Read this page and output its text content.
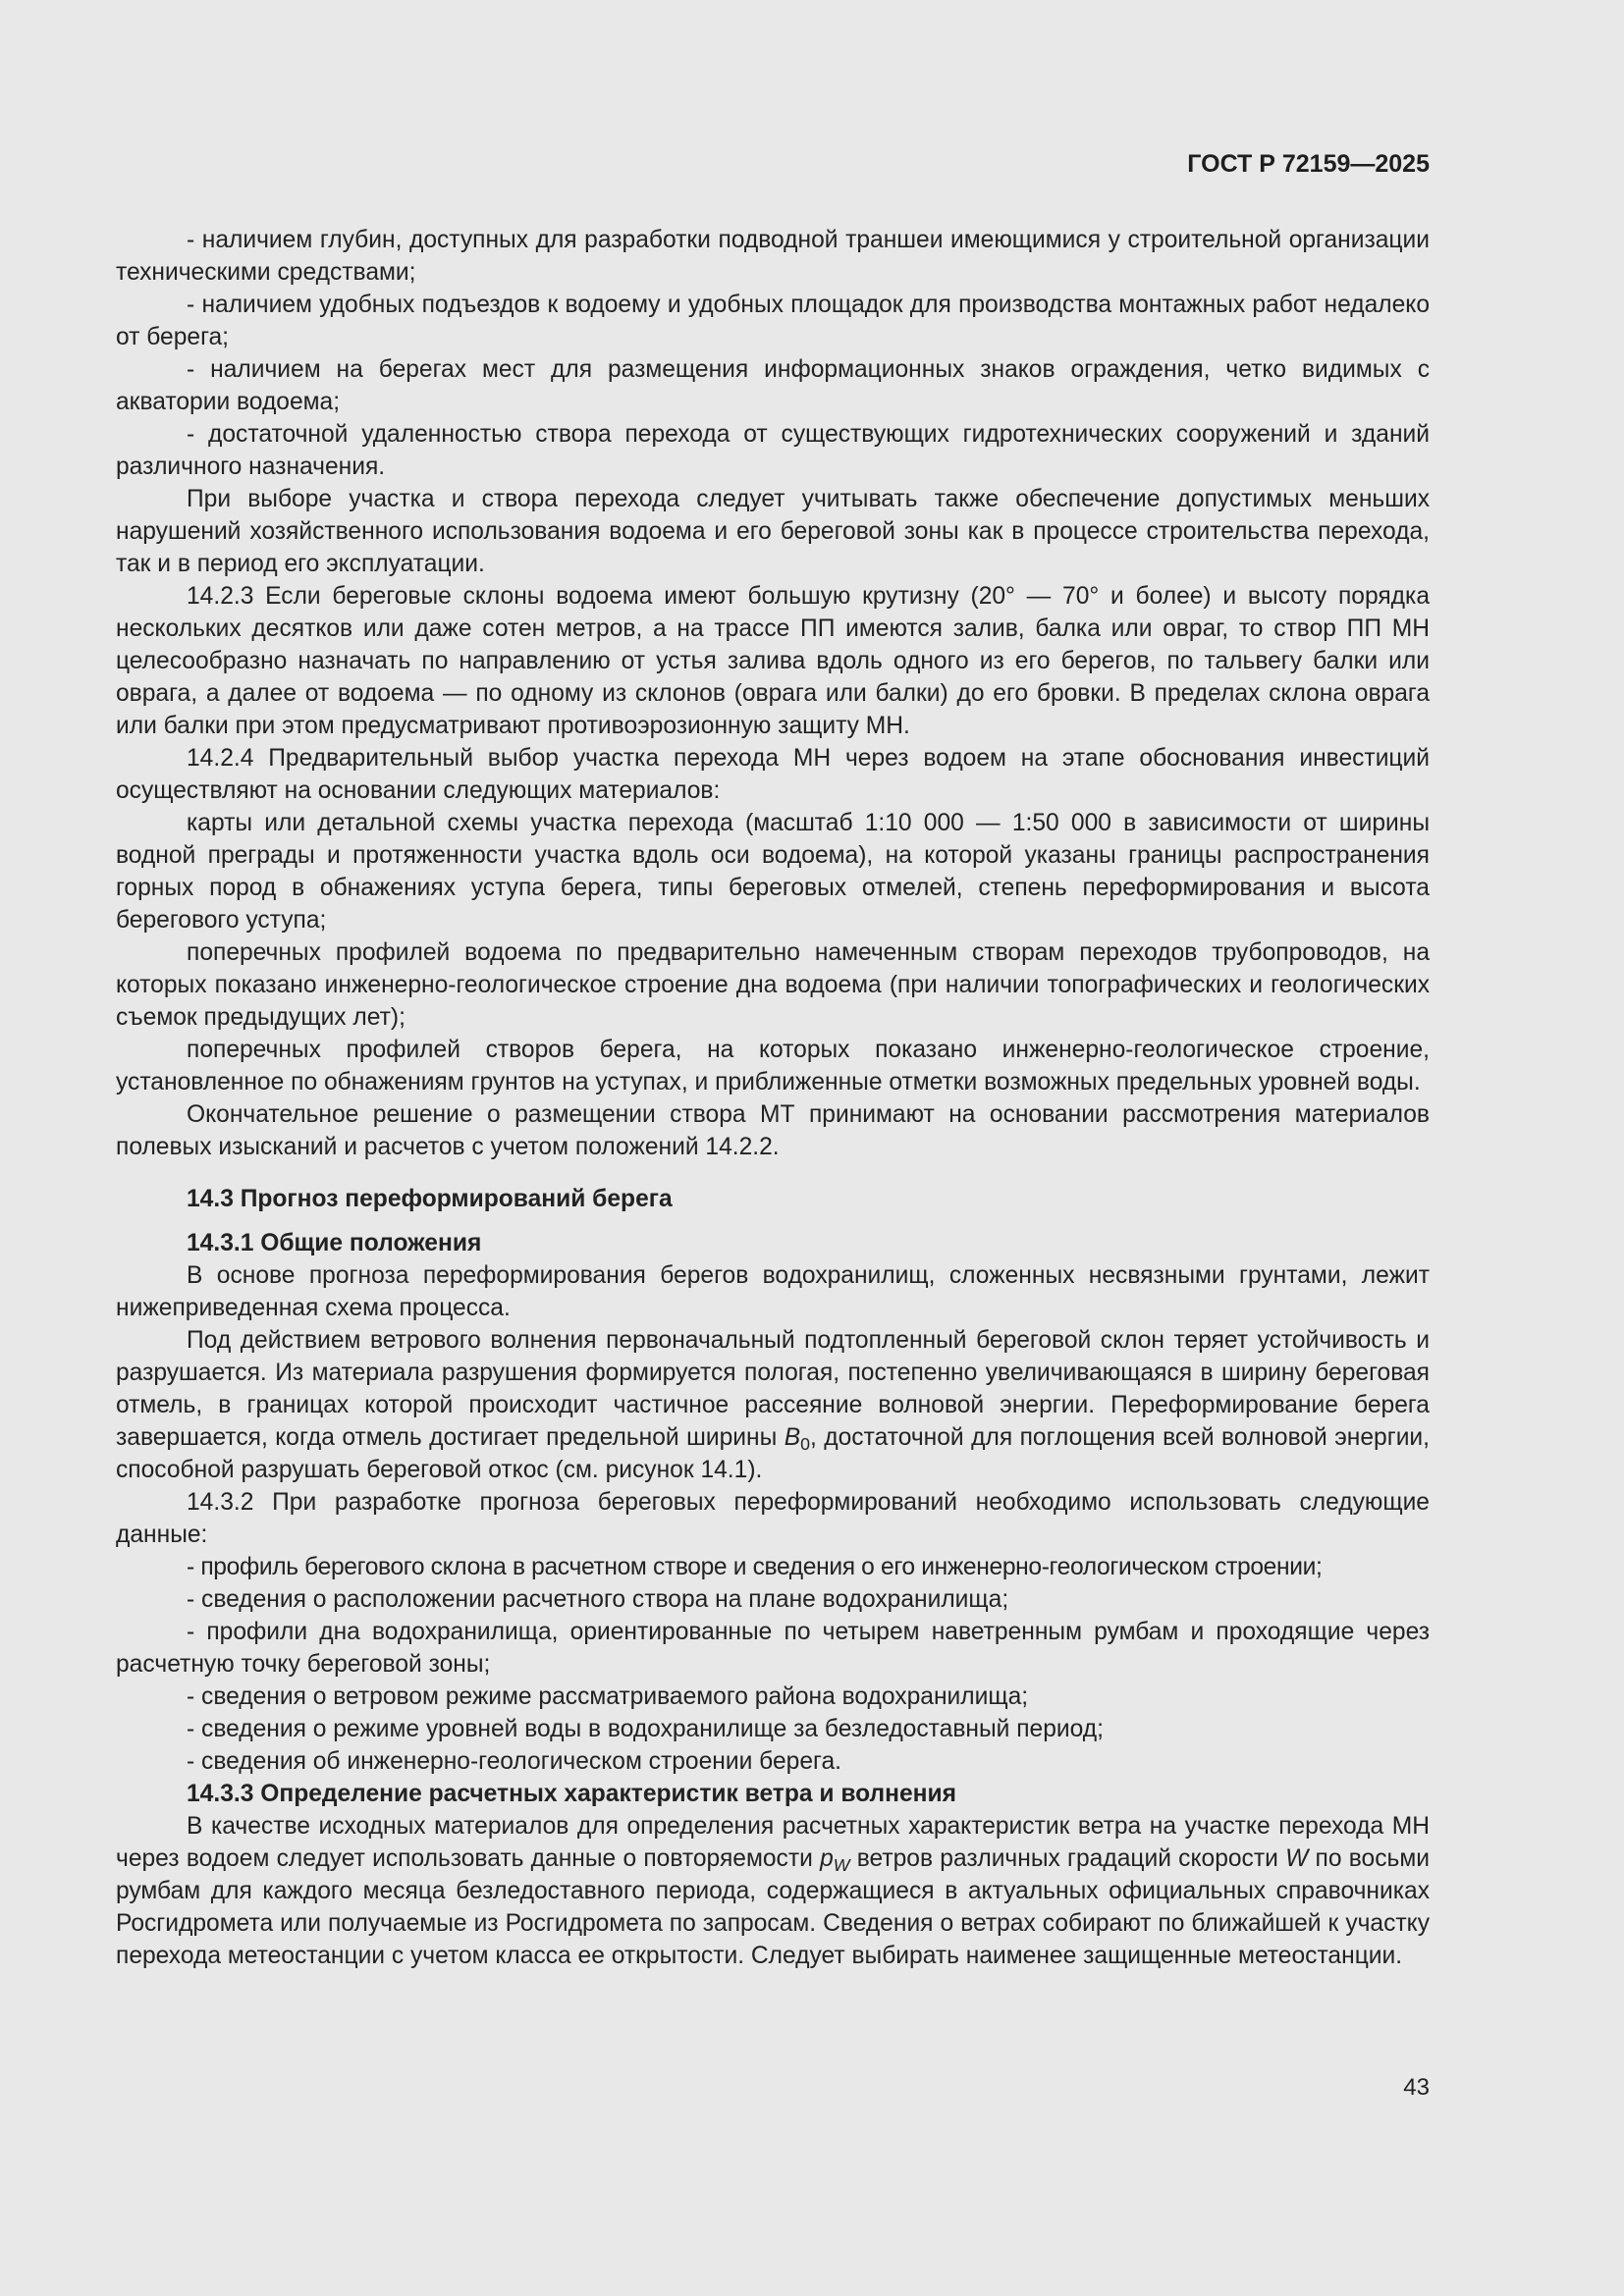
ГОСТ Р 72159—2025

- наличием глубин, доступных для разработки подводной траншеи имеющимися у строительной организации техническими средствами;

- наличием удобных подъездов к водоему и удобных площадок для производства монтажных работ недалеко от берега;

- наличием на берегах мест для размещения информационных знаков ограждения, четко видимых с акватории водоема;

- достаточной удаленностью створа перехода от существующих гидротехнических сооружений и зданий различного назначения.

При выборе участка и створа перехода следует учитывать также обеспечение допустимых меньших нарушений хозяйственного использования водоема и его береговой зоны как в процессе строительства перехода, так и в период его эксплуатации.

14.2.3 Если береговые склоны водоема имеют большую крутизну (20° — 70° и более) и высоту порядка нескольких десятков или даже сотен метров, а на трассе ПП имеются залив, балка или овраг, то створ ПП МН целесообразно назначать по направлению от устья залива вдоль одного из его берегов, по тальвегу балки или оврага, а далее от водоема — по одному из склонов (оврага или балки) до его бровки. В пределах склона оврага или балки при этом предусматривают противоэрозионную защиту МН.

14.2.4 Предварительный выбор участка перехода МН через водоем на этапе обоснования инвестиций осуществляют на основании следующих материалов:

карты или детальной схемы участка перехода (масштаб 1:10 000 — 1:50 000 в зависимости от ширины водной преграды и протяженности участка вдоль оси водоема), на которой указаны границы распространения горных пород в обнажениях уступа берега, типы береговых отмелей, степень переформирования и высота берегового уступа;

поперечных профилей водоема по предварительно намеченным створам переходов трубопроводов, на которых показано инженерно-геологическое строение дна водоема (при наличии топографических и геологических съемок предыдущих лет);

поперечных профилей створов берега, на которых показано инженерно-геологическое строение, установленное по обнажениям грунтов на уступах, и приближенные отметки возможных предельных уровней воды.

Окончательное решение о размещении створа МТ принимают на основании рассмотрения материалов полевых изысканий и расчетов с учетом положений 14.2.2.

14.3 Прогноз переформирований берега

14.3.1 Общие положения

В основе прогноза переформирования берегов водохранилищ, сложенных несвязными грунтами, лежит нижеприведенная схема процесса.

Под действием ветрового волнения первоначальный подтопленный береговой склон теряет устойчивость и разрушается. Из материала разрушения формируется пологая, постепенно увеличивающаяся в ширину береговая отмель, в границах которой происходит частичное рассеяние волновой энергии. Переформирование берега завершается, когда отмель достигает предельной ширины $B_0$, достаточной для поглощения всей волновой энергии, способной разрушать береговой откос (см. рисунок 14.1).

14.3.2 При разработке прогноза береговых переформирований необходимо использовать следующие данные:

- профиль берегового склона в расчетном створе и сведения о его инженерно-геологическом строении;

- сведения о расположении расчетного створа на плане водохранилища;

- профили дна водохранилища, ориентированные по четырем наветренным румбам и проходящие через расчетную точку береговой зоны;

- сведения о ветровом режиме рассматриваемого района водохранилища;

- сведения о режиме уровней воды в водохранилище за безледоставный период;

- сведения об инженерно-геологическом строении берега.

14.3.3 Определение расчетных характеристик ветра и волнения

В качестве исходных материалов для определения расчетных характеристик ветра на участке перехода МН через водоем следует использовать данные о повторяемости $p_W$ ветров различных градаций скорости W по восьми румбам для каждого месяца безледоставного периода, содержащиеся в актуальных официальных справочниках Росгидромета или получаемые из Росгидромета по запросам. Сведения о ветрах собирают по ближайшей к участку перехода метеостанции с учетом класса ее открытости. Следует выбирать наименее защищенные метеостанции.

43
